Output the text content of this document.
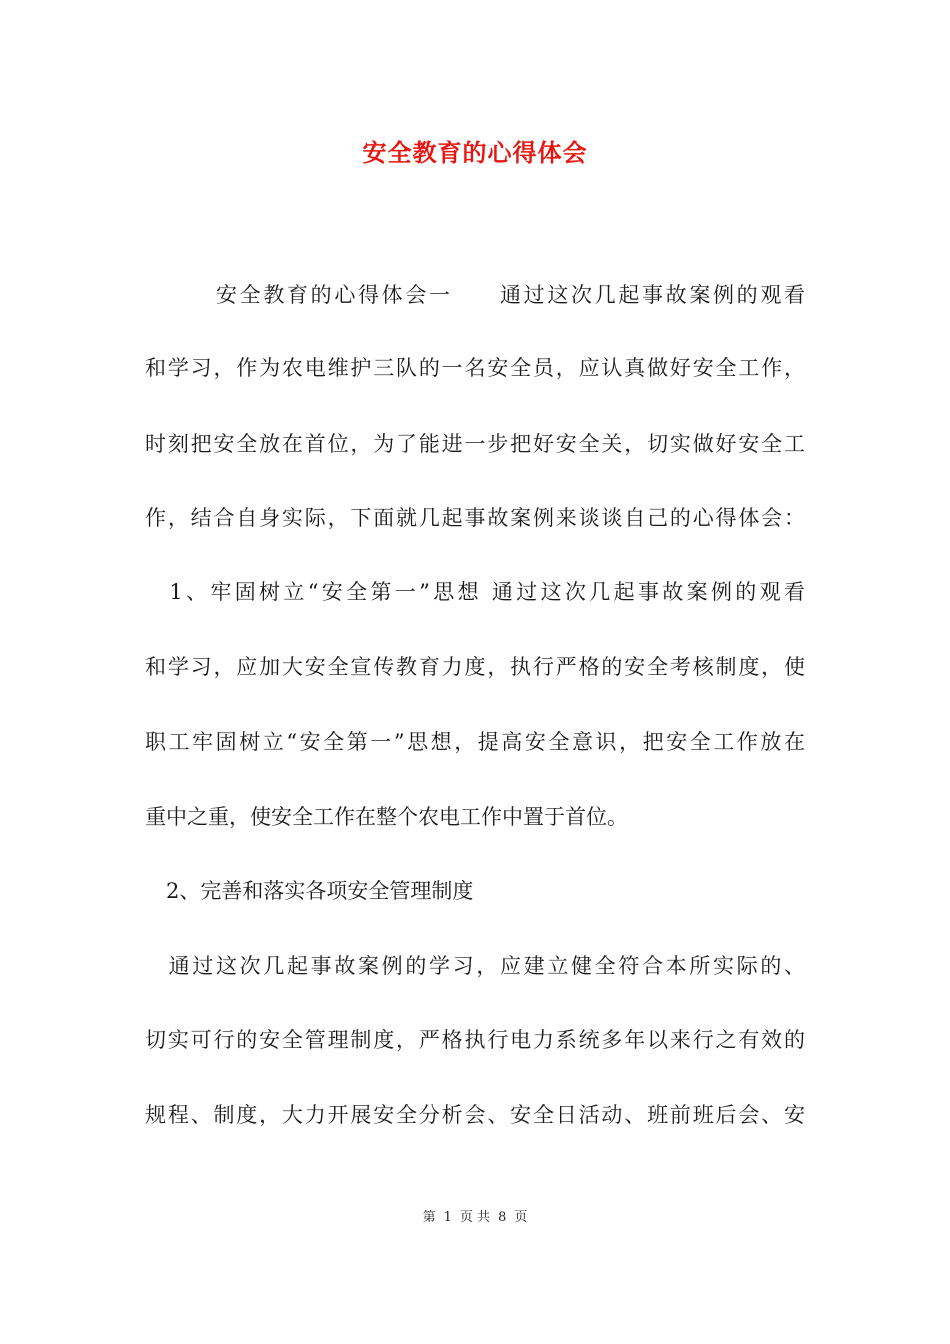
安全教育的心得体会
　　　安全教育的心得体会一　　通过这次几起事故案例的观看
和学习，作为农电维护三队的一名安全员，应认真做好安全工作，
时刻把安全放在首位，为了能进一步把好安全关，切实做好安全工
作，结合自身实际，下面就几起事故案例来谈谈自己的心得体会：
　1、牢固树立“安全第一”思想 通过这次几起事故案例的观看
和学习，应加大安全宣传教育力度，执行严格的安全考核制度，使
职工牢固树立“安全第一”思想，提高安全意识，把安全工作放在
重中之重，使安全工作在整个农电工作中置于首位。
　2、完善和落实各项安全管理制度
　通过这次几起事故案例的学习，应建立健全符合本所实际的、
切实可行的安全管理制度，严格执行电力系统多年以来行之有效的
规程、制度，大力开展安全分析会、安全日活动、班前班后会、安
第 1 页 共 8 页
